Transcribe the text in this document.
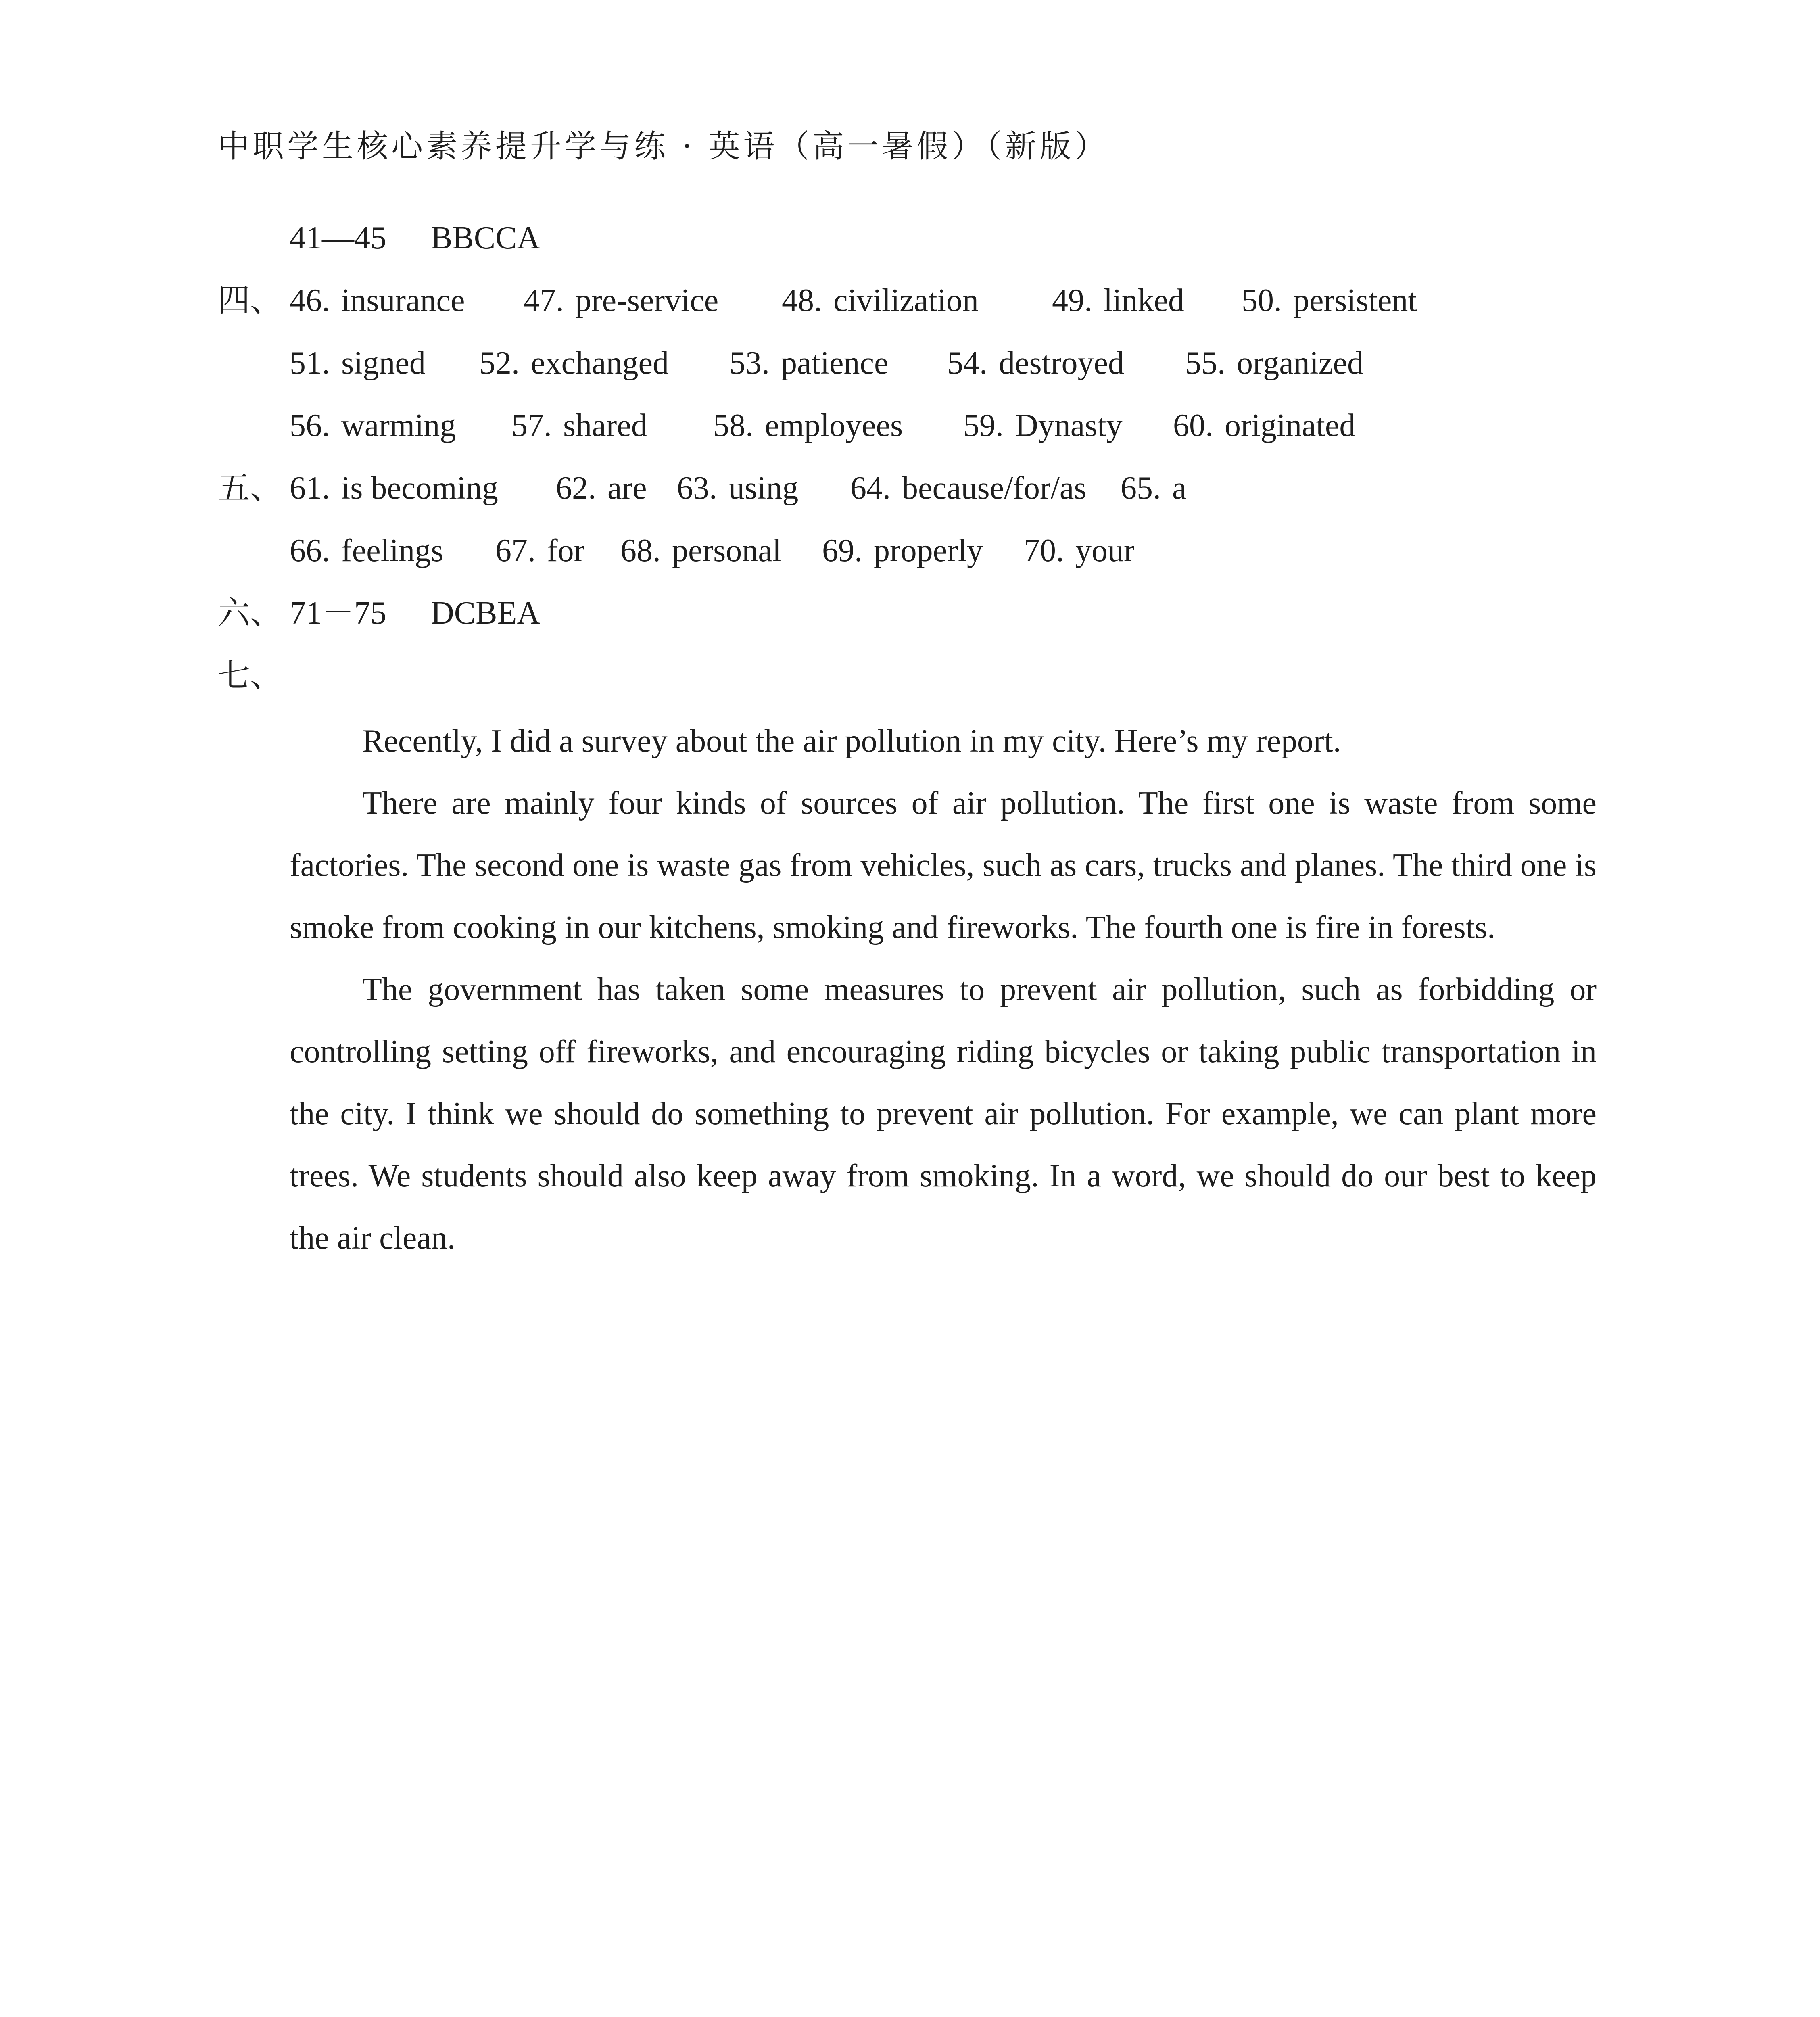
中职学生核心素养提升学与练 · 英语（高一暑假）（新版）
41—45	BBCCA
四、 46. insurance	47. pre-service	48. civilization	49. linked	50. persistent
51. signed	52. exchanged	53. patience	54. destroyed	55. organized
56. warming	57. shared	58. employees	59. Dynasty	60. originated
五、 61. is becoming	62. are 63. using	64. because/for/as	65. a
66. feelings	67. for	68. personal	69. properly	70. your
六、 71－75	DCBEA
七、

Recently, I did a survey about the air pollution in my city. Here’s my report.

There are mainly four kinds of sources of air pollution. The first one is waste from some factories. The second one is waste gas from vehicles, such as cars, trucks and planes. The third one is smoke from cooking in our kitchens, smoking and fireworks. The fourth one is fire in forests.

The government has taken some measures to prevent air pollution, such as forbidding or controlling setting off fireworks, and encouraging riding bicycles or taking public transportation in the city. I think we should do something to prevent air pollution. For example, we can plant more trees. We students should also keep away from smoking. In a word, we should do our best to keep the air clean.
